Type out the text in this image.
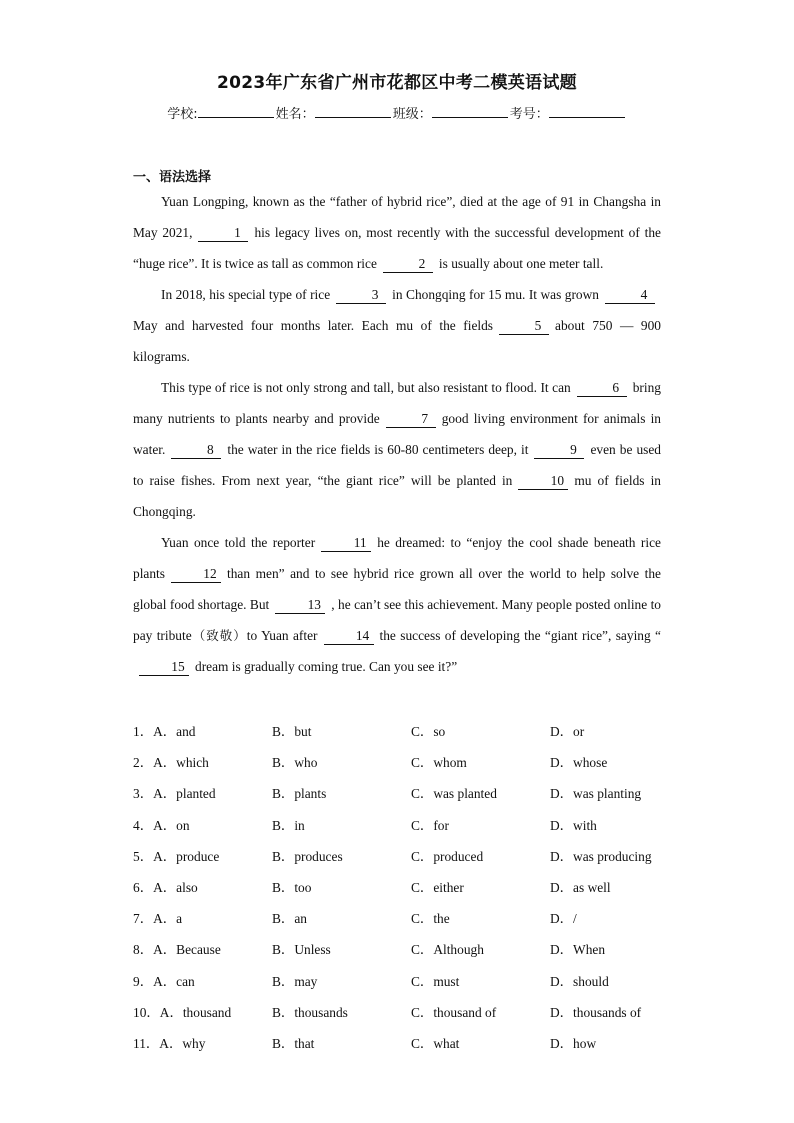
2023年广东省广州市花都区中考二模英语试题
学校:	姓名：	班级：	考号：
一、语法选择

Yuan Longping, known as the “father of hybrid rice”, died at the age of 91 in Changsha in May 2021,	1 his legacy lives on, most recently with the successful development of the “huge rice”. It is twice as tall as common rice	2 is usually about one meter tall.

In 2018, his special type of rice	3 in Chongqing for 15 mu. It was grown	4May and harvested four months later. Each mu of the fields	5 about 750 — 900 kilograms.

This type of rice is not only strong and tall, but also resistant to flood. It can	6 bring many nutrients to plants nearby and provide	7 good living environment for animals in water.	8 the water in the rice fields is 60-80 centimeters deep, it	9 even be used to raise fishes. From next year, “the giant rice” will be planted in	10 mu of fields in Chongqing.

Yuan once told the reporter	11 he dreamed: to “enjoy the cool shade beneath rice plants	12 than men” and to see hybrid rice grown all over the world to help solve the global food shortage. But	13 , he can’t see this achievement. Many people posted online to pay tribute（致敬）to Yuan after	14 the success of developing the “giant rice”, saying “15 dream is gradually coming true. Can you see it?”

1．A．and	B．but	C．so	D．or
2．A．which	B．who	C．whom	D．whose
3．A．planted	B．plants	C．was planted	D．was planting
4．A．on	B．in	C．for	D．with
5．A．produce	B．produces	C．produced	D．was producing
6．A．also	B．too	C．either	D．as well
7．A．a	B．an	C．the	D．/
8．A．Because	B．Unless	C．Although	D．When
9．A．can	B．may	C．must	D．should
10．A．thousand	B．thousands	C．thousand of	D．thousands of
11．A．why	B．that	C．what	D．how
